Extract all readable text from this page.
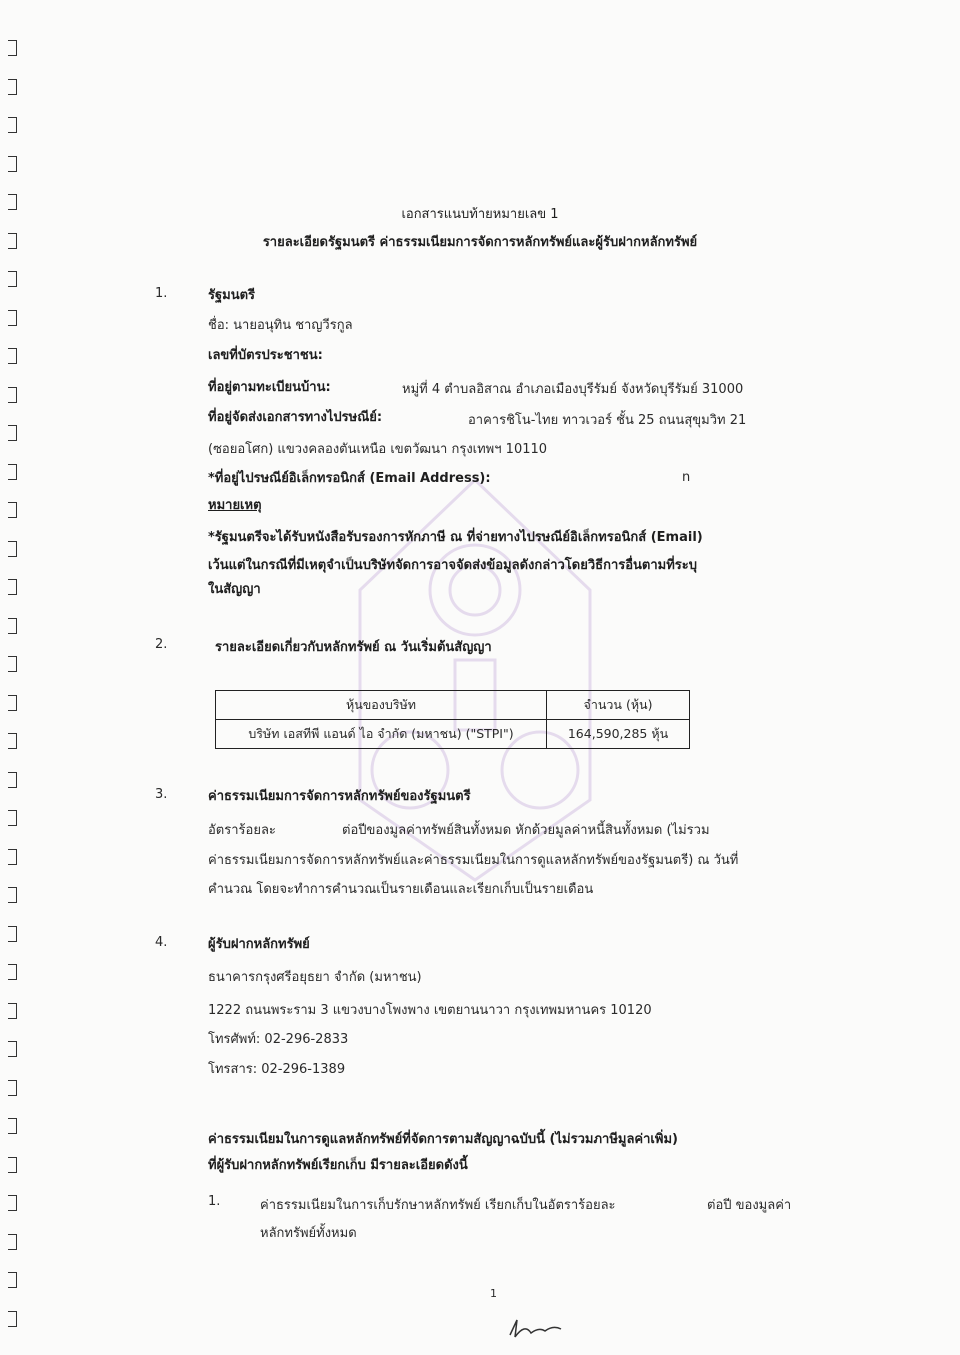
เอกสารแนบท้ายหมายเลข 1
รายละเอียดรัฐมนตรี ค่าธรรมเนียมการจัดการหลักทรัพย์และผู้รับฝากหลักทรัพย์
1.	รัฐมนตรี
ชื่อ: นายอนุทิน ชาญวีรกูล
เลขที่บัตรประชาชน:
ที่อยู่ตามทะเบียนบ้าน:	หมู่ที่ 4 ตำบลอิสาณ อำเภอเมืองบุรีรัมย์ จังหวัดบุรีรัมย์ 31000
ที่อยู่จัดส่งเอกสารทางไปรษณีย์:	อาคารชิโน-ไทย ทาวเวอร์ ชั้น 25 ถนนสุขุมวิท 21
(ซอยอโศก) แขวงคลองตันเหนือ เขตวัฒนา กรุงเทพฯ 10110
*ที่อยู่ไปรษณีย์อิเล็กทรอนิกส์ (Email Address):	n
หมายเหตุ
*รัฐมนตรีจะได้รับหนังสือรับรองการหักภาษี ณ ที่จ่ายทางไปรษณีย์อิเล็กทรอนิกส์ (Email)
เว้นแต่ในกรณีที่มีเหตุจำเป็นบริษัทจัดการอาจจัดส่งข้อมูลดังกล่าวโดยวิธีการอื่นตามที่ระบุ
ในสัญญา
2.	รายละเอียดเกี่ยวกับหลักทรัพย์ ณ วันเริ่มต้นสัญญา
หุ้นของบริษัท	จำนวน (หุ้น)
บริษัท เอสทีพี แอนด์ ไอ จำกัด (มหาชน) ("STPI")	164,590,285 หุ้น
3.	ค่าธรรมเนียมการจัดการหลักทรัพย์ของรัฐมนตรี
อัตราร้อยละ	ต่อปีของมูลค่าทรัพย์สินทั้งหมด หักด้วยมูลค่าหนี้สินทั้งหมด (ไม่รวม
ค่าธรรมเนียมการจัดการหลักทรัพย์และค่าธรรมเนียมในการดูแลหลักทรัพย์ของรัฐมนตรี) ณ วันที่
คำนวณ โดยจะทำการคำนวณเป็นรายเดือนและเรียกเก็บเป็นรายเดือน
4.	ผู้รับฝากหลักทรัพย์
ธนาคารกรุงศรีอยุธยา จำกัด (มหาชน)
1222 ถนนพระราม 3 แขวงบางโพงพาง เขตยานนาวา กรุงเทพมหานคร 10120
โทรศัพท์: 02-296-2833
โทรสาร: 02-296-1389
ค่าธรรมเนียมในการดูแลหลักทรัพย์ที่จัดการตามสัญญาฉบับนี้ (ไม่รวมภาษีมูลค่าเพิ่ม)
ที่ผู้รับฝากหลักทรัพย์เรียกเก็บ มีรายละเอียดดังนี้
1.	ค่าธรรมเนียมในการเก็บรักษาหลักทรัพย์ เรียกเก็บในอัตราร้อยละ	ต่อปี ของมูลค่า
หลักทรัพย์ทั้งหมด
1
